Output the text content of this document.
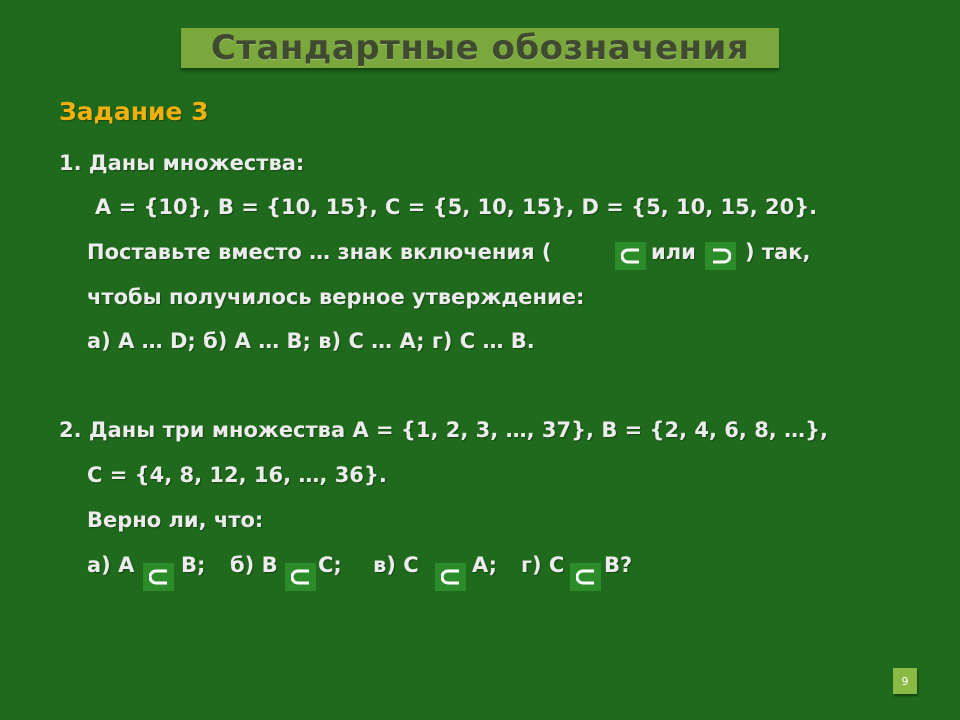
Стандартные обозначения
Задание 3
1. Даны множества:
A = {10}, B = {10, 15}, C = {5, 10, 15}, D = {5, 10, 15, 20}.
Поставьте вместо … знак включения (	или ) так,
чтобы получилось верное утверждение:
а) A … D; б) A … B; в) C … A; г) C … B.
2. Даны три множества A = {1, 2, 3, …, 37}, B = {2, 4, 6, 8, …},
C = {4, 8, 12, 16, …, 36}.
Верно ли, что:
а) A B; б) B C; в) C	A; г) C B?
9
